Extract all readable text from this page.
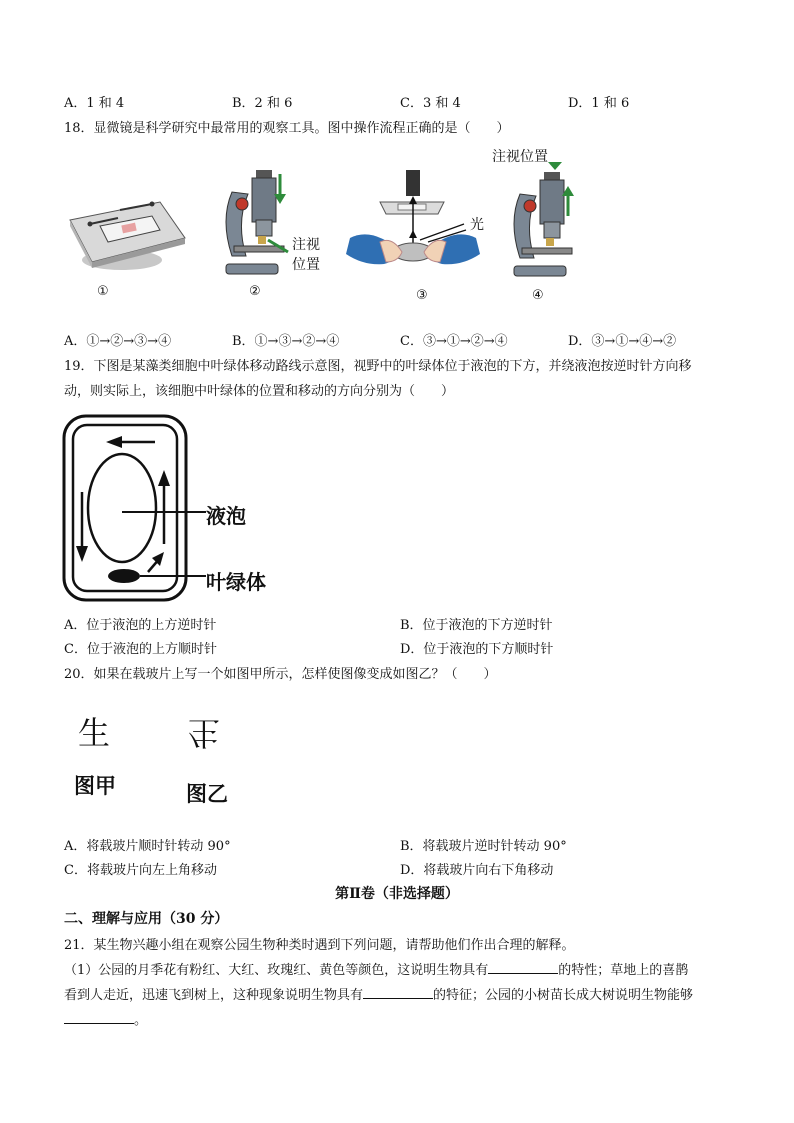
A．1 和 4	B．2 和 6	C．3 和 4	D．1 和 6
18．显微镜是科学研究中最常用的观察工具。图中操作流程正确的是（　　）
①
注视
位置
②
光
③
注视位置
④
A．①→②→③→④	B．①→③→②→④	C．③→①→②→④	D．③→①→④→②
19．下图是某藻类细胞中叶绿体移动路线示意图，视野中的叶绿体位于液泡的下方，并绕液泡按逆时针方向移
动，则实际上，该细胞中叶绿体的位置和移动的方向分别为（　　）
液泡
叶绿体
A．位于液泡的上方逆时针	B．位于液泡的下方逆时针
C．位于液泡的上方顺时针	D．位于液泡的下方顺时针
20．如果在载玻片上写一个如图甲所示，怎样使图像变成如图乙？（　　）
生 生
图甲	图乙
A．将载玻片顺时针转动 90°	B．将载玻片逆时针转动 90°
C．将载玻片向左上角移动	D．将载玻片向右下角移动
第Ⅱ卷（非选择题）
二、理解与应用（30 分）
21．某生物兴趣小组在观察公园生物种类时遇到下列问题，请帮助他们作出合理的解释。
（1）公园的月季花有粉红、大红、玫瑰红、黄色等颜色，这说明生物具有	的特性；草地上的喜鹊
看到人走近，迅速飞到树上，这种现象说明生物具有	的特征；公园的小树苗长成大树说明生物能够
。
